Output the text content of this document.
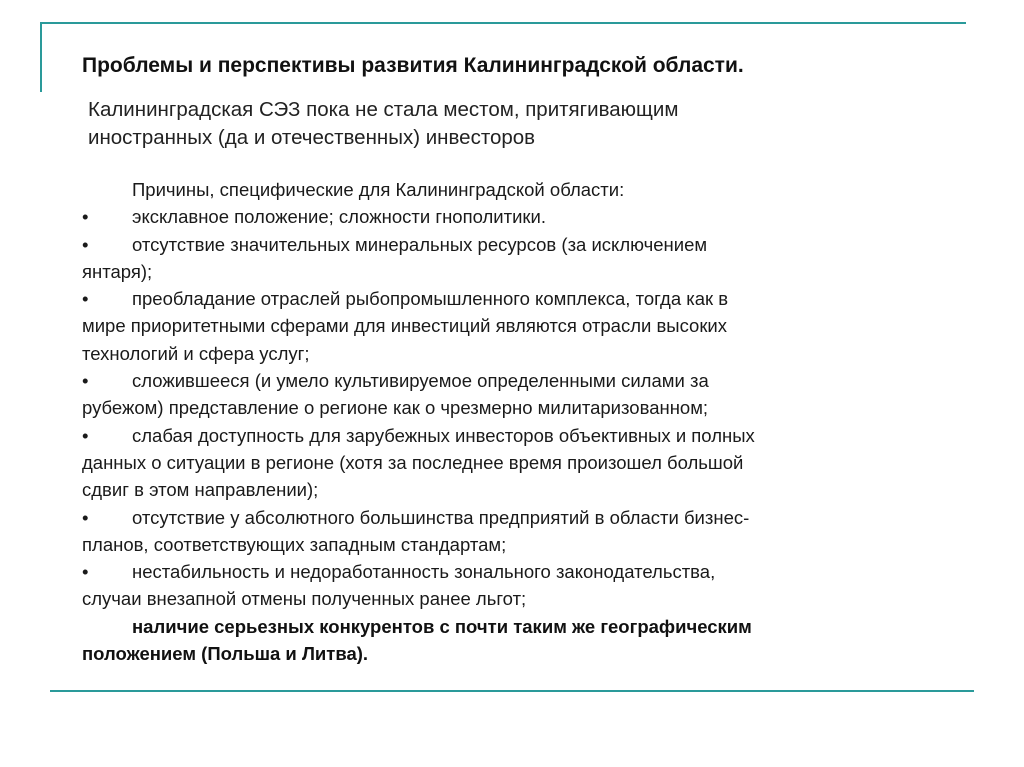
Проблемы и перспективы развития Калининградской области.
Калининградская СЭЗ пока не стала местом, притягивающим
иностранных (да и отечественных) инвесторов
Причины, специфические для Калининградской области:
•	эксклавное положение; сложности гнополитики.
•	отсутствие значительных минеральных ресурсов (за исключением
янтаря);
•	преобладание отраслей рыбопромышленного комплекса, тогда как в
мире приоритетными сферами для инвестиций являются отрасли высоких
технологий и сфера услуг;
•	сложившееся (и умело культивируемое определенными силами за
рубежом) представление о регионе как о чрезмерно милитаризованном;
•	слабая доступность для зарубежных инвесторов объективных и полных
данных о ситуации в регионе (хотя за последнее время произошел большой
сдвиг в этом направлении);
•	отсутствие у абсолютного большинства предприятий в области бизнес-
планов, соответствующих западным стандартам;
•	нестабильность и недоработанность зонального законодательства,
случаи внезапной отмены полученных ранее льгот;
наличие серьезных конкурентов с почти таким же географическим
положением (Польша и Литва).
